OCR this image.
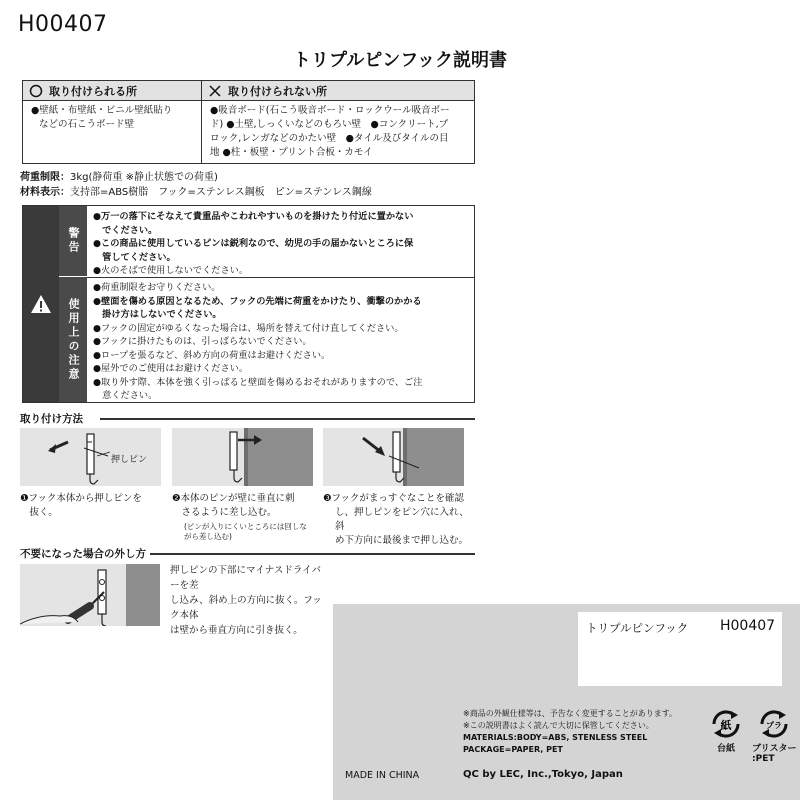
H00407
トリプルピンフック説明書
取り付けられる所
●壁紙・布壁紙・ビニル壁紙貼り
などの石こうボード壁
取り付けられない所
●吸音ボード(石こう吸音ボード・ロックウール吸音ボー
ド) ●土壁,しっくいなどのもろい壁　●コンクリート,ブ
ロック,レンガなどのかたい壁　●タイル及びタイルの目
地 ●柱・板壁・プリント合板・カモイ
荷重制限：3kg(静荷重 ※静止状態での荷重)
材料表示：支持部=ABS樹脂　フック=ステンレス鋼板　ピン=ステンレス鋼線
警告
使用上の注意
●万一の落下にそなえて貴重品やこわれやすいものを掛けたり付近に置かない
　でください。
●この商品に使用しているピンは鋭利なので、幼児の手の届かないところに保
　管してください。
●火のそばで使用しないでください。
●荷重制限をお守りください。
●壁面を傷める原因となるため、フックの先端に荷重をかけたり、衝撃のかかる
　掛け方はしないでください。
●フックの固定がゆるくなった場合は、場所を替えて付け直してください。
●フックに掛けたものは、引っぱらないでください。
●ロープを張るなど、斜め方向の荷重はお避けください。
●屋外でのご使用はお避けください。
●取り外す際、本体を強く引っぱると壁面を傷めるおそれがありますので、ご注
　意ください。
取り付け方法
押しピン
❶フック本体から押しピンを
　抜く。
❷本体のピンが壁に垂直に刺
　さるように差し込む。
(ピンが入りにくいところには回しな
がら差し込む)
❸フックがまっすぐなことを確認
し、押しピンをピン穴に入れ、斜
め下方向に最後まで押し込む。
不要になった場合の外し方
押しピンの下部にマイナスドライバーを差
し込み、斜め上の方向に抜く。フック本体
は壁から垂直方向に引き抜く。	トリプルピンフック H00407
※商品の外観仕様等は、予告なく変更することがあります。
※この説明書はよく読んで大切に保管してください。
MATERIALS:BODY=ABS, STENLESS STEEL
PACKAGE=PAPER, PET
紙
台紙
プラ
ブリスター
:PET
MADE IN CHINA	QC by LEC, Inc.,Tokyo, Japan
